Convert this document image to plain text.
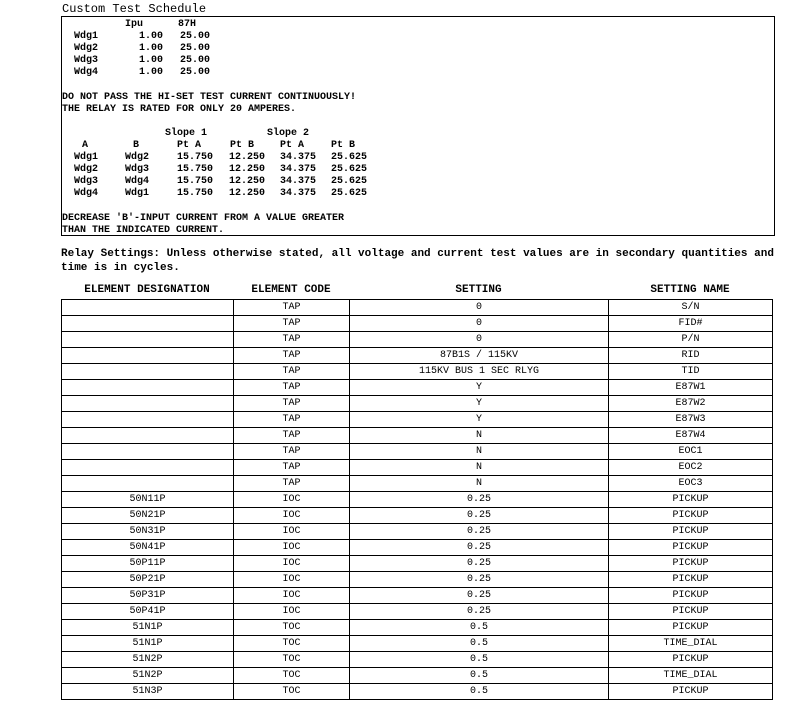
Custom Test Schedule
Ipu	87H
Wdg1	1.00 25.00
Wdg2	1.00 25.00
Wdg3	1.00 25.00
Wdg4	1.00 25.00
DO NOT PASS THE HI-SET TEST CURRENT CONTINUOUSLY!
THE RELAY IS RATED FOR ONLY 20 AMPERES.
Slope 1	Slope 2
A	B	Pt A	Pt B	Pt A	Pt B
Wdg1	Wdg2	15.750 12.250 34.375 25.625
Wdg2	Wdg3	15.750 12.250 34.375 25.625
Wdg3	Wdg4	15.750 12.250 34.375 25.625
Wdg4	Wdg1	15.750 12.250 34.375 25.625
DECREASE 'B'-INPUT CURRENT FROM A VALUE GREATER
THAN THE INDICATED CURRENT.
Relay Settings: Unless otherwise stated, all voltage and current test values are in secondary quantities and time is in cycles.
ELEMENT DESIGNATION	ELEMENT CODE	SETTING	SETTING NAME
	TAP	0	S/N
	TAP	0	FID#
	TAP	0	P/N
	TAP	87B1S / 115KV	RID
	TAP	115KV BUS 1 SEC RLYG	TID
	TAP	Y	E87W1
	TAP	Y	E87W2
	TAP	Y	E87W3
	TAP	N	E87W4
	TAP	N	EOC1
	TAP	N	EOC2
	TAP	N	EOC3
50N11P	IOC	0.25	PICKUP
50N21P	IOC	0.25	PICKUP
50N31P	IOC	0.25	PICKUP
50N41P	IOC	0.25	PICKUP
50P11P	IOC	0.25	PICKUP
50P21P	IOC	0.25	PICKUP
50P31P	IOC	0.25	PICKUP
50P41P	IOC	0.25	PICKUP
51N1P	TOC	0.5	PICKUP
51N1P	TOC	0.5	TIME_DIAL
51N2P	TOC	0.5	PICKUP
51N2P	TOC	0.5	TIME_DIAL
51N3P	TOC	0.5	PICKUP
